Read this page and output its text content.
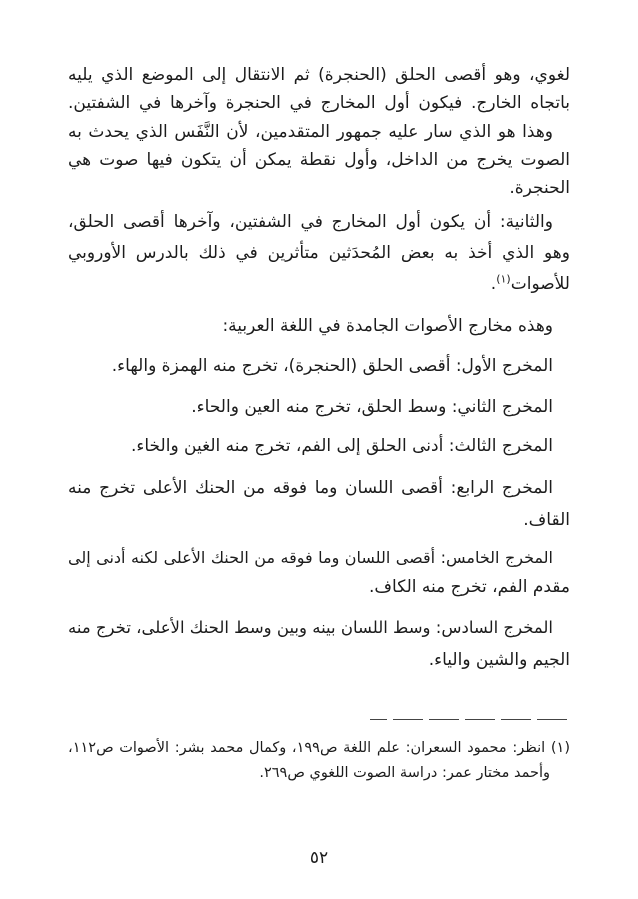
لغوي، وهو أقصى الحلق (الحنجرة) ثم الانتقال إلى الموضع الذي يليه
باتجاه الخارج. فيكون أول المخارج في الحنجرة وآخرها في الشفتين.
وهذا هو الذي سار عليه جمهور المتقدمين، لأن النَّفَس الذي يحدث به
الصوت يخرج من الداخل، وأول نقطة يمكن أن يتكون فيها صوت هي
الحنجرة.
والثانية: أن يكون أول المخارج في الشفتين، وآخرها أقصى الحلق،
وهو الذي أخذ به بعض المُحدَثين متأثرين في ذلك بالدرس الأوروبي
للأصوات$^{(١)}$.
وهذه مخارج الأصوات الجامدة في اللغة العربية:
المخرج الأول: أقصى الحلق (الحنجرة)، تخرج منه الهمزة والهاء.
المخرج الثاني: وسط الحلق، تخرج منه العين والحاء.
المخرج الثالث: أدنى الحلق إلى الفم، تخرج منه الغين والخاء.
المخرج الرابع: أقصى اللسان وما فوقه من الحنك الأعلى تخرج منه
القاف.
المخرج الخامس: أقصى اللسان وما فوقه من الحنك الأعلى لكنه أدنى إلى
مقدم الفم، تخرج منه الكاف.
المخرج السادس: وسط اللسان بينه وبين وسط الحنك الأعلى، تخرج منه
الجيم والشين والياء.
(١) انظر: محمود السعران: علم اللغة ص١٩٩، وكمال محمد بشر: الأصوات ص١١٢،
وأحمد مختار عمر: دراسة الصوت اللغوي ص٢٦٩.
٥٢
